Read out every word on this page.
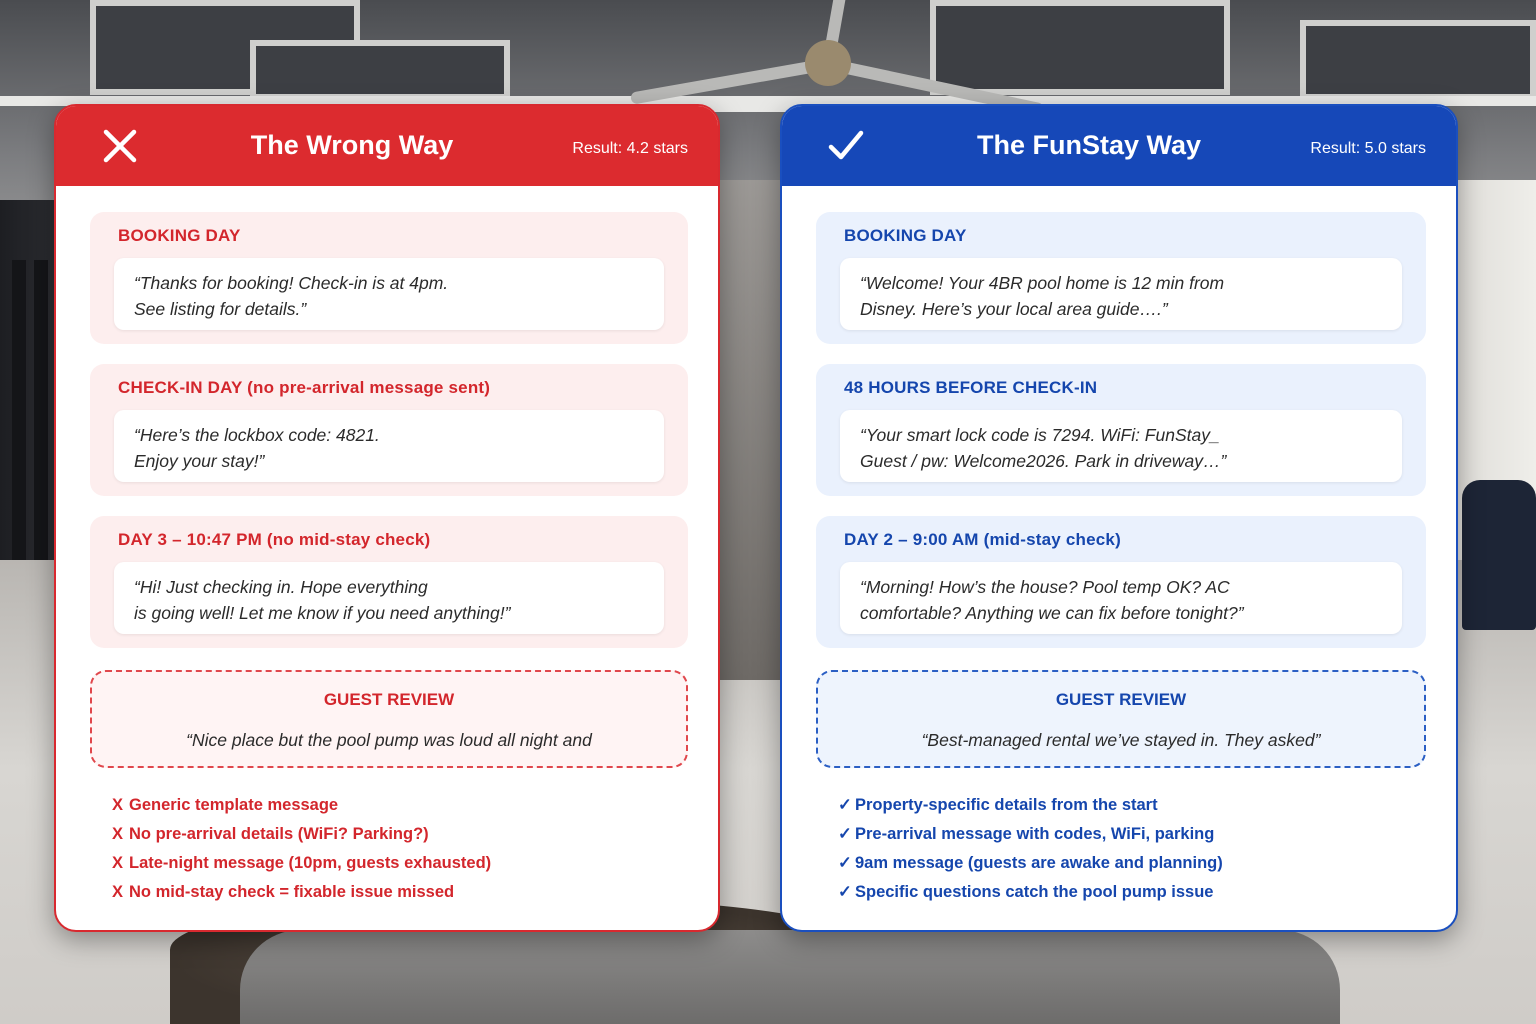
The Wrong Way	Result: 4.2 stars
BOOKING DAY
“Thanks for booking! Check-in is at 4pm.
See listing for details.”
CHECK-IN DAY (no pre-arrival message sent)
“Here’s the lockbox code: 4821.
Enjoy your stay!”
DAY 3 – 10:47 PM (no mid-stay check)
“Hi! Just checking in. Hope everything
is going well! Let me know if you need anything!”
GUEST REVIEW
“Nice place but the pool pump was loud all night and
X Generic template message
X No pre-arrival details (WiFi? Parking?)
X Late-night message (10pm, guests exhausted)
X No mid-stay check = fixable issue missed
The FunStay Way	Result: 5.0 stars
BOOKING DAY
“Welcome! Your 4BR pool home is 12 min from
Disney. Here’s your local area guide….”
48 HOURS BEFORE CHECK-IN
“Your smart lock code is 7294. WiFi: FunStay_
Guest / pw: Welcome2026. Park in driveway…”
DAY 2 – 9:00 AM (mid-stay check)
“Morning! How’s the house? Pool temp OK? AC
comfortable? Anything we can fix before tonight?”
GUEST REVIEW
“Best-managed rental we’ve stayed in. They asked”
✓ Property-specific details from the start
✓ Pre-arrival message with codes, WiFi, parking
✓ 9am message (guests are awake and planning)
✓ Specific questions catch the pool pump issue
